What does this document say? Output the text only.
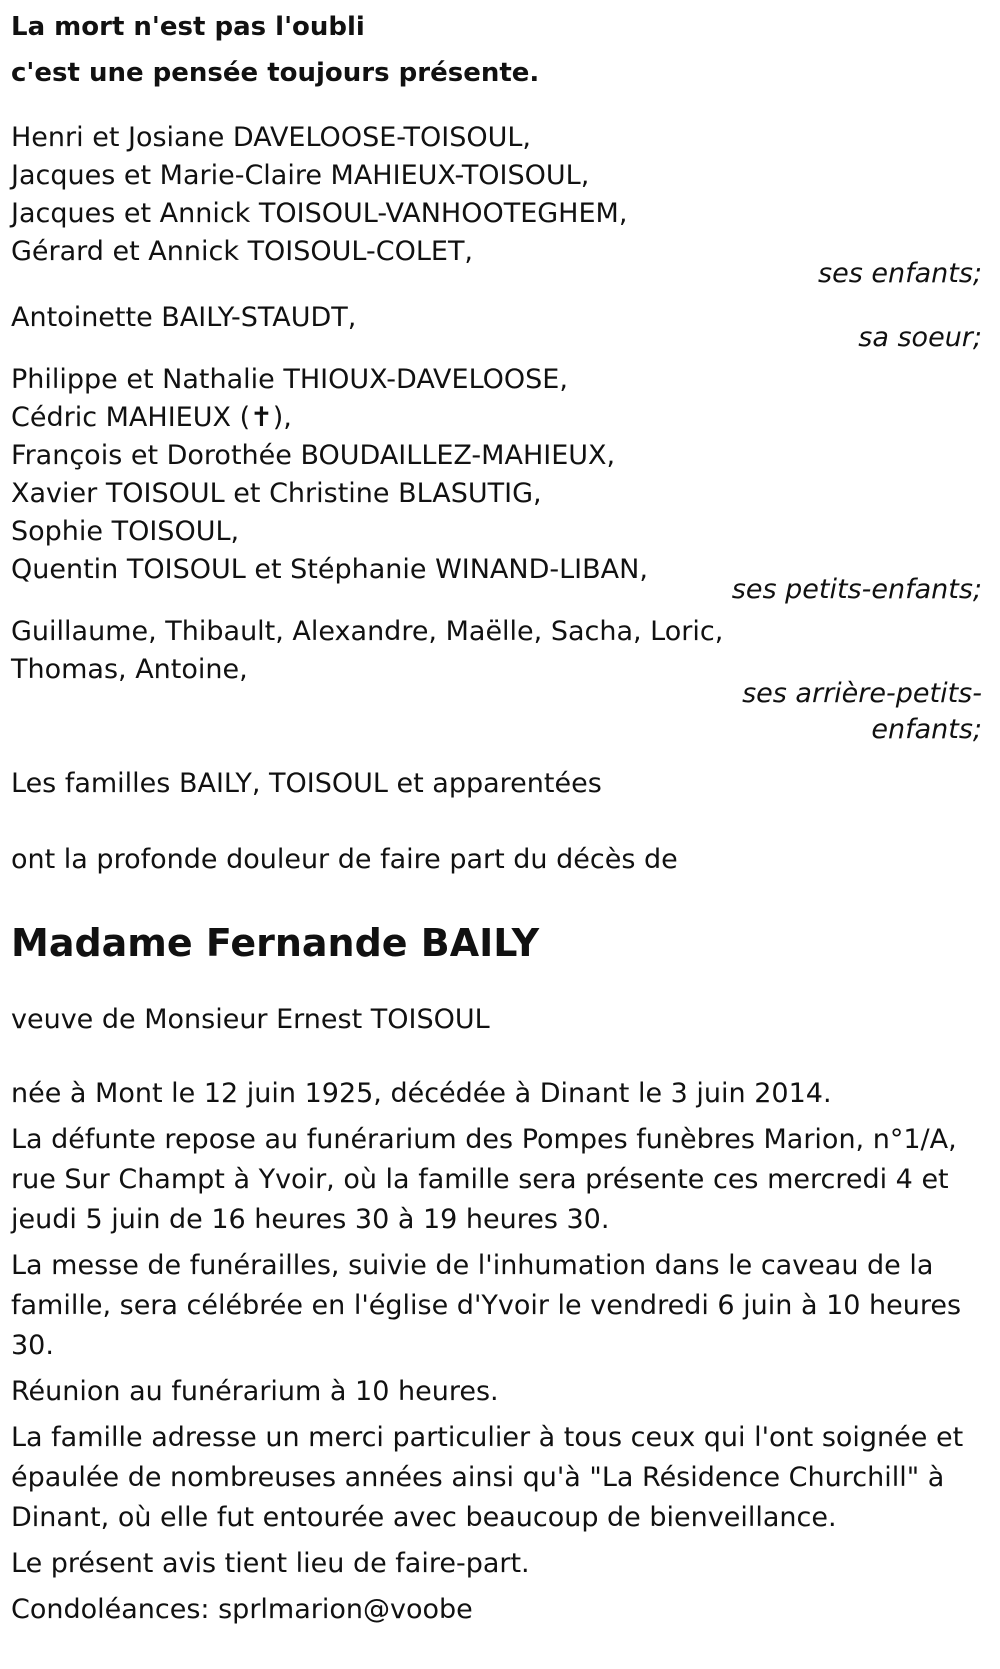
La mort n'est pas l'oubli
c'est une pensée toujours présente.
Henri et Josiane DAVELOOSE-TOISOUL,
Jacques et Marie-Claire MAHIEUX-TOISOUL,
Jacques et Annick TOISOUL-VANHOOTEGHEM,
Gérard et Annick TOISOUL-COLET,
ses enfants;
Antoinette BAILY-STAUDT,
sa soeur;
Philippe et Nathalie THIOUX-DAVELOOSE,
Cédric MAHIEUX (✝),
François et Dorothée BOUDAILLEZ-MAHIEUX,
Xavier TOISOUL et Christine BLASUTIG,
Sophie TOISOUL,
Quentin TOISOUL et Stéphanie WINAND-LIBAN,
ses petits-enfants;
Guillaume, Thibault, Alexandre, Maëlle, Sacha, Loric,
Thomas, Antoine,
ses arrière-petits-
enfants;
Les familles BAILY, TOISOUL et apparentées
ont la profonde douleur de faire part du décès de
Madame Fernande BAILY
veuve de Monsieur Ernest TOISOUL

née à Mont le 12 juin 1925, décédée à Dinant le 3 juin 2014.

La défunte repose au funérarium des Pompes funèbres Marion, n°1/A, rue Sur Champt à Yvoir, où la famille sera présente ces mercredi 4 et jeudi 5 juin de 16 heures 30 à 19 heures 30.

La messe de funérailles, suivie de l'inhumation dans le caveau de la famille, sera célébrée en l'église d'Yvoir le vendredi 6 juin à 10 heures 30.

Réunion au funérarium à 10 heures.

La famille adresse un merci particulier à tous ceux qui l'ont soignée et épaulée de nombreuses années ainsi qu'à "La Résidence Churchill" à Dinant, où elle fut entourée avec beaucoup de bienveillance.

Le présent avis tient lieu de faire-part.

Condoléances: sprlmarion@voobe
